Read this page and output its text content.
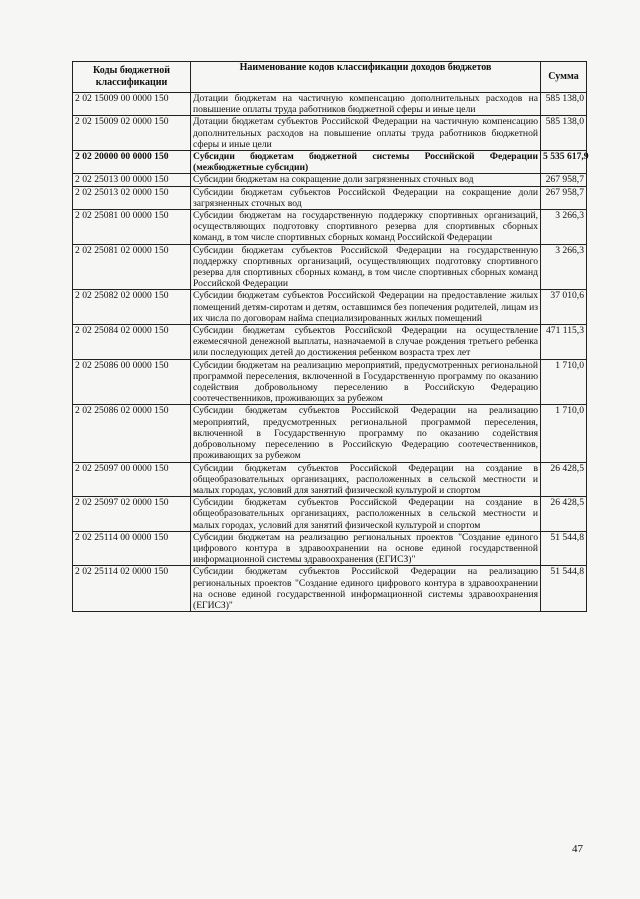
Коды бюджетной классификации	Наименование кодов классификации доходов бюджетов	Сумма
2 02 15009 00 0000 150	Дотации бюджетам на частичную компенсацию дополнительных расходов на повышение оплаты труда работников бюджетной сферы и иные цели	585 138,0
2 02 15009 02 0000 150	Дотации бюджетам субъектов Российской Федерации на частичную компенсацию дополнительных расходов на повышение оплаты труда работников бюджетной сферы и иные цели	585 138,0
2 02 20000 00 0000 150	Субсидии бюджетам бюджетной системы Российской Федерации (межбюджетные субсидии)	5 535 617,9
2 02 25013 00 0000 150	Субсидии бюджетам на сокращение доли загрязненных сточных вод	267 958,7
2 02 25013 02 0000 150	Субсидии бюджетам субъектов Российской Федерации на сокращение доли загрязненных сточных вод	267 958,7
2 02 25081 00 0000 150	Субсидии бюджетам на государственную поддержку спортивных организаций, осуществляющих подготовку спортивного резерва для спортивных сборных команд, в том числе спортивных сборных команд Российской Федерации	3 266,3
2 02 25081 02 0000 150	Субсидии бюджетам субъектов Российской Федерации на государственную поддержку спортивных организаций, осуществляющих подготовку спортивного резерва для спортивных сборных команд, в том числе спортивных сборных команд Российской Федерации	3 266,3
2 02 25082 02 0000 150	Субсидии бюджетам субъектов Российской Федерации на предоставление жилых помещений детям-сиротам и детям, оставшимся без попечения родителей, лицам из их числа по договорам найма специализированных жилых помещений	37 010,6
2 02 25084 02 0000 150	Субсидии бюджетам субъектов Российской Федерации на осуществление ежемесячной денежной выплаты, назначаемой в случае рождения третьего ребенка или последующих детей до достижения ребенком возраста трех лет	471 115,3
2 02 25086 00 0000 150	Субсидии бюджетам на реализацию мероприятий, предусмотренных региональной программой переселения, включенной в Государственную программу по оказанию содействия добровольному переселению в Российскую Федерацию соотечественников, проживающих за рубежом	1 710,0
2 02 25086 02 0000 150	Субсидии бюджетам субъектов Российской Федерации на реализацию мероприятий, предусмотренных региональной программой переселения, включенной в Государственную программу по оказанию содействия добровольному переселению в Российскую Федерацию соотечественников, проживающих за рубежом	1 710,0
2 02 25097 00 0000 150	Субсидии бюджетам субъектов Российской Федерации на создание в общеобразовательных организациях, расположенных в сельской местности и малых городах, условий для занятий физической культурой и спортом	26 428,5
2 02 25097 02 0000 150	Субсидии бюджетам субъектов Российской Федерации на создание в общеобразовательных организациях, расположенных в сельской местности и малых городах, условий для занятий физической культурой и спортом	26 428,5
2 02 25114 00 0000 150	Субсидии бюджетам на реализацию региональных проектов "Создание единого цифрового контура в здравоохранении на основе единой государственной информационной системы здравоохранения (ЕГИСЗ)"	51 544,8
2 02 25114 02 0000 150	Субсидии бюджетам субъектов Российской Федерации на реализацию региональных проектов "Создание единого цифрового контура в здравоохранении на основе единой государственной информационной системы здравоохранения (ЕГИСЗ)"	51 544,8
47
